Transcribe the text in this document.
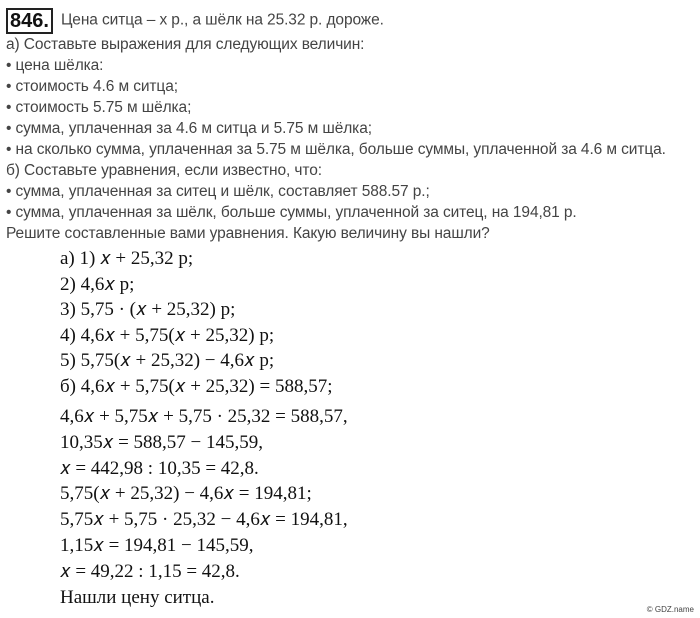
846. Цена ситца – x р., а шёлк на 25.32 р. дороже.
а) Составьте выражения для следующих величин:
• цена шёлка:
• стоимость 4.6 м ситца;
• стоимость 5.75 м шёлка;
• сумма, уплаченная за 4.6 м ситца и 5.75 м шёлка;
• на сколько сумма, уплаченная за 5.75 м шёлка, больше суммы, уплаченной за 4.6 м ситца.
б) Составьте уравнения, если известно, что:
• сумма, уплаченная за ситец и шёлк, составляет 588.57 р.;
• сумма, уплаченная за шёлк, больше суммы, уплаченной за ситец, на 194,81 р.
Решите составленные вами уравнения. Какую величину вы нашли?
а) 1) 𝑥 + 25,32 р;
2) 4,6𝑥 р;
3) 5,75 · (𝑥 + 25,32) р;
4) 4,6𝑥 + 5,75(𝑥 + 25,32) р;
5) 5,75(𝑥 + 25,32) − 4,6𝑥 р;
б) 4,6𝑥 + 5,75(𝑥 + 25,32) = 588,57;
4,6𝑥 + 5,75𝑥 + 5,75 · 25,32 = 588,57,
10,35𝑥 = 588,57 − 145,59,
𝑥 = 442,98 : 10,35 = 42,8.
5,75(𝑥 + 25,32) − 4,6𝑥 = 194,81;
5,75𝑥 + 5,75 · 25,32 − 4,6𝑥 = 194,81,
1,15𝑥 = 194,81 − 145,59,
𝑥 = 49,22 : 1,15 = 42,8.
Нашли цену ситца.
© GDZ.name
